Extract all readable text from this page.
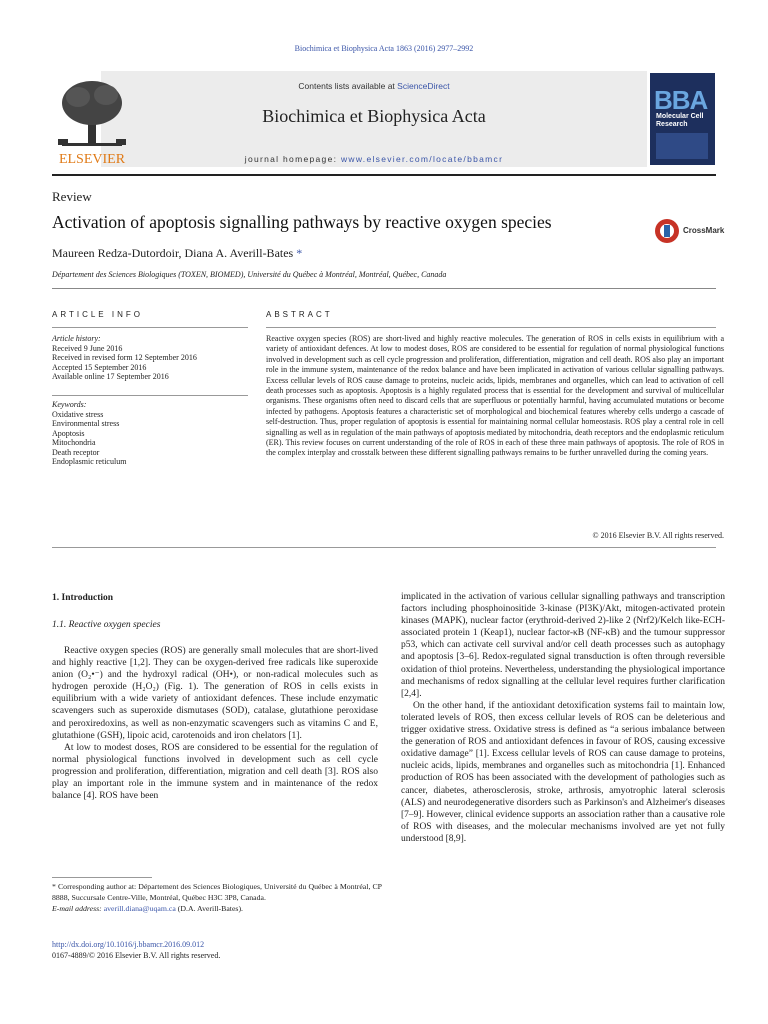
Biochimica et Biophysica Acta 1863 (2016) 2977–2992
ELSEVIER
Contents lists available at ScienceDirect
Biochimica et Biophysica Acta
journal homepage: www.elsevier.com/locate/bbamcr
BBA
Molecular Cell Research
Review
Activation of apoptosis signalling pathways by reactive oxygen species	CrossMark
Maureen Redza-Dutordoir, Diana A. Averill-Bates *
Département des Sciences Biologiques (TOXEN, BIOMED), Université du Québec à Montréal, Montréal, Québec, Canada
ARTICLE INFO	ABSTRACT
Article history:
Received 9 June 2016
Received in revised form 12 September 2016
Accepted 15 September 2016
Available online 17 September 2016
Keywords:
Oxidative stress
Environmental stress
Apoptosis
Mitochondria
Death receptor
Endoplasmic reticulum
Reactive oxygen species (ROS) are short-lived and highly reactive molecules. The generation of ROS in cells exists in equilibrium with a variety of antioxidant defences. At low to modest doses, ROS are considered to be essential for regulation of normal physiological functions involved in development such as cell cycle progression and proliferation, differentiation, migration and cell death. ROS also play an important role in the immune system, maintenance of the redox balance and have been implicated in activation of various cellular signalling pathways. Excess cellular levels of ROS cause damage to proteins, nucleic acids, lipids, membranes and organelles, which can lead to activation of cell death processes such as apoptosis. Apoptosis is a highly regulated process that is essential for the development and survival of multicellular organisms. These organisms often need to discard cells that are superfluous or potentially harmful, having accumulated mutations or become infected by pathogens. Apoptosis features a characteristic set of morphological and biochemical features whereby cells undergo a cascade of self-destruction. Thus, proper regulation of apoptosis is essential for maintaining normal cellular homeostasis. ROS play a central role in cell signalling as well as in regulation of the main pathways of apoptosis mediated by mitochondria, death receptors and the endoplasmic reticulum (ER). This review focuses on current understanding of the role of ROS in each of these three main pathways of apoptosis. The role of ROS in the complex interplay and crosstalk between these different signalling pathways remains to be further unravelled during the coming years.
© 2016 Elsevier B.V. All rights reserved.
1. Introduction
1.1. Reactive oxygen species

Reactive oxygen species (ROS) are generally small molecules that are short-lived and highly reactive [1,2]. They can be oxygen-derived free radicals like superoxide anion (O₂•⁻) and the hydroxyl radical (OH•), or non-radical molecules such as hydrogen peroxide (H₂O₂) (Fig. 1). The generation of ROS in cells exists in equilibrium with a wide variety of antioxidant defences. These include enzymatic scavengers such as superoxide dismutases (SOD), catalase, glutathione peroxidase and peroxiredoxins, as well as non-enzymatic scavengers such as vitamins C and E, glutathione (GSH), lipoic acid, carotenoids and iron chelators [1].

At low to modest doses, ROS are considered to be essential for the regulation of normal physiological functions involved in development such as cell cycle progression and proliferation, differentiation, migration and cell death [3]. ROS also play an important role in the immune system and in maintenance of the redox balance [4]. ROS have been

implicated in the activation of various cellular signalling pathways and transcription factors including phosphoinositide 3-kinase (PI3K)/Akt, mitogen-activated protein kinases (MAPK), nuclear factor (erythroid-derived 2)-like 2 (Nrf2)/Kelch like-ECH-associated protein 1 (Keap1), nuclear factor-κB (NF-κB) and the tumour suppressor p53, which can activate cell survival and/or cell death processes such as autophagy and apoptosis [3–6]. Redox-regulated signal transduction is often through reversible oxidation of thiol proteins. Nevertheless, understanding the physiological importance and mechanisms of redox signalling at the cellular level requires further clarification [2,4].

On the other hand, if the antioxidant detoxification systems fail to maintain low, tolerated levels of ROS, then excess cellular levels of ROS can be deleterious and trigger oxidative stress. Oxidative stress is defined as “a serious imbalance between the generation of ROS and antioxidant defences in favour of ROS, causing excessive oxidative damage” [1]. Excess cellular levels of ROS can cause damage to proteins, nucleic acids, lipids, membranes and organelles such as mitochondria [1]. Enhanced production of ROS has been associated with the development of pathologies such as cancer, diabetes, atherosclerosis, stroke, arthrosis, amyotrophic lateral sclerosis (ALS) and neurodegenerative disorders such as Parkinson's and Alzheimer's diseases [7–9]. However, clinical evidence supports an association rather than a causative role of ROS with diseases, and the molecular mechanisms involved are yet not fully understood [8,9].

* Corresponding author at: Département des Sciences Biologiques, Université du Québec à Montréal, CP 8888, Succursale Centre-Ville, Montréal, Québec H3C 3P8, Canada.
E-mail address: averill.diana@uqam.ca (D.A. Averill-Bates).
http://dx.doi.org/10.1016/j.bbamcr.2016.09.012
0167-4889/© 2016 Elsevier B.V. All rights reserved.
